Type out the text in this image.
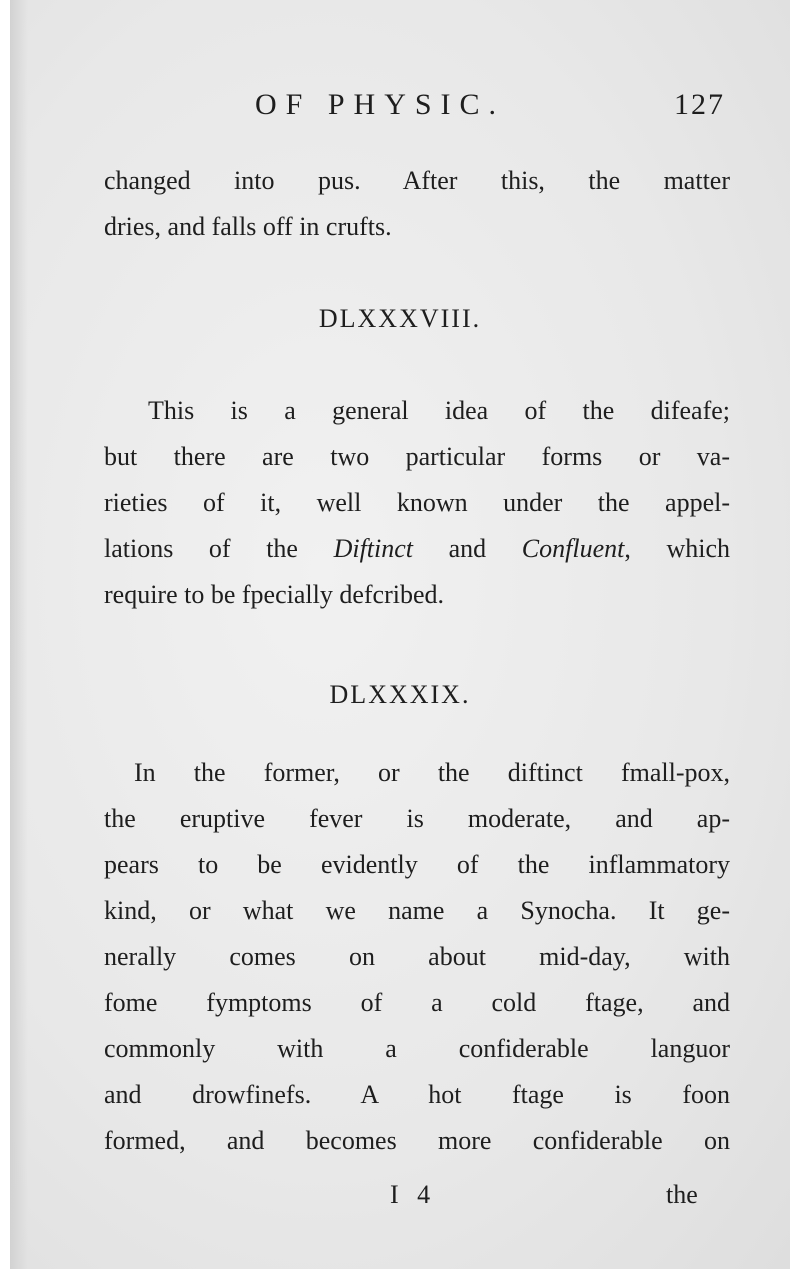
OF PHYSIC.	127

changed into pus. After this, the matter
dries, and falls off in crufts.

DLXXXVIII.

This is a general idea of the difeafe;
but there are two particular forms or va-
rieties of it, well known under the appel-
lations of the Diftinct and Confluent, which
require to be fpecially defcribed.

DLXXXIX.

In the former, or the diftinct fmall-pox,
the eruptive fever is moderate, and ap-
pears to be evidently of the inflammatory
kind, or what we name a Synocha. It ge-
nerally comes on about mid-day, with
fome fymptoms of a cold ftage, and
commonly with a confiderable languor
and drowfinefs. A hot ftage is foon
formed, and becomes more confiderable on

I 4	the
